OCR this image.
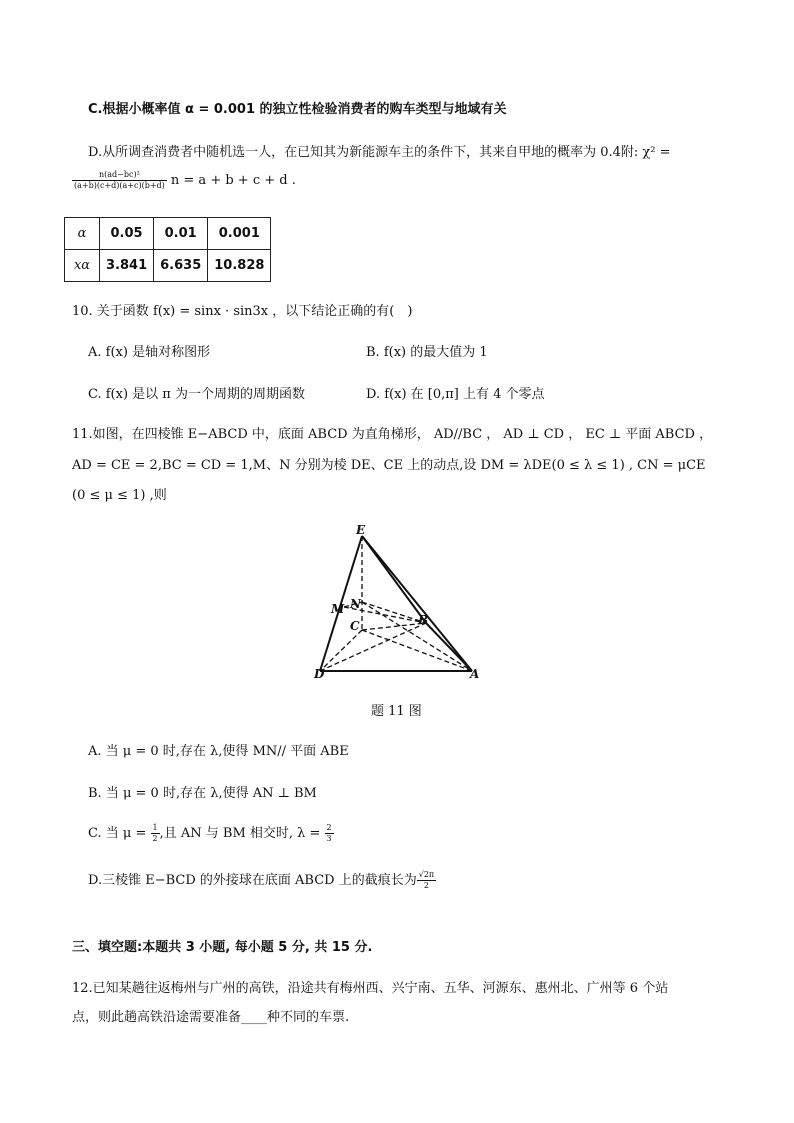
C.根据小概率值 α = 0.001 的独立性检验消费者的购车类型与地域有关
D.从所调查消费者中随机选一人，在已知其为新能源车主的条件下，其来自甲地的概率为 0.4附: χ² =
$\frac{\text{n(ad−bc)²}}{(a+b)(c+d)(a+c)(b+d)}$ n = a + b + c + d .
α	0.05	0.01	0.001
xα	3.841	6.635	10.828
10. 关于函数 f(x) = sinx · sin3x ，以下结论正确的有(　)
A. f(x) 是轴对称图形	B. f(x) 的最大值为 1
C. f(x) 是以 π 为一个周期的周期函数	D. f(x) 在 [0,π] 上有 4 个零点
11.如图，在四棱锥 E−ABCD 中，底面 ABCD 为直角梯形， AD//BC ， AD ⊥ CD ， EC ⊥ 平面 ABCD ，
AD = CE = 2,BC = CD = 1,M、N 分别为棱 DE、CE 上的动点,设 DM = λDE(0 ≤ λ ≤ 1) , CN = μCE
(0 ≤ μ ≤ 1) ,则
E
M N
C	B
D	A
题 11 图
A. 当 μ = 0 时,存在 λ,使得 MN// 平面 ABE
B. 当 μ = 0 时,存在 λ,使得 AN ⊥ BM
C. 当 $\mu = \frac{1}{2}$ ,且 AN 与 BM 相交时, $\lambda = \frac{2}{3}$
D.三棱锥 E−BCD 的外接球在底面 ABCD 上的截痕长为 $\frac{√2\pi}{2}$
三、填空题:本题共 3 小题, 每小题 5 分, 共 15 分.
12.已知某趟往返梅州与广州的高铁，沿途共有梅州西、兴宁南、五华、河源东、惠州北、广州等 6 个站
点，则此趟高铁沿途需要准备____种不同的车票.
